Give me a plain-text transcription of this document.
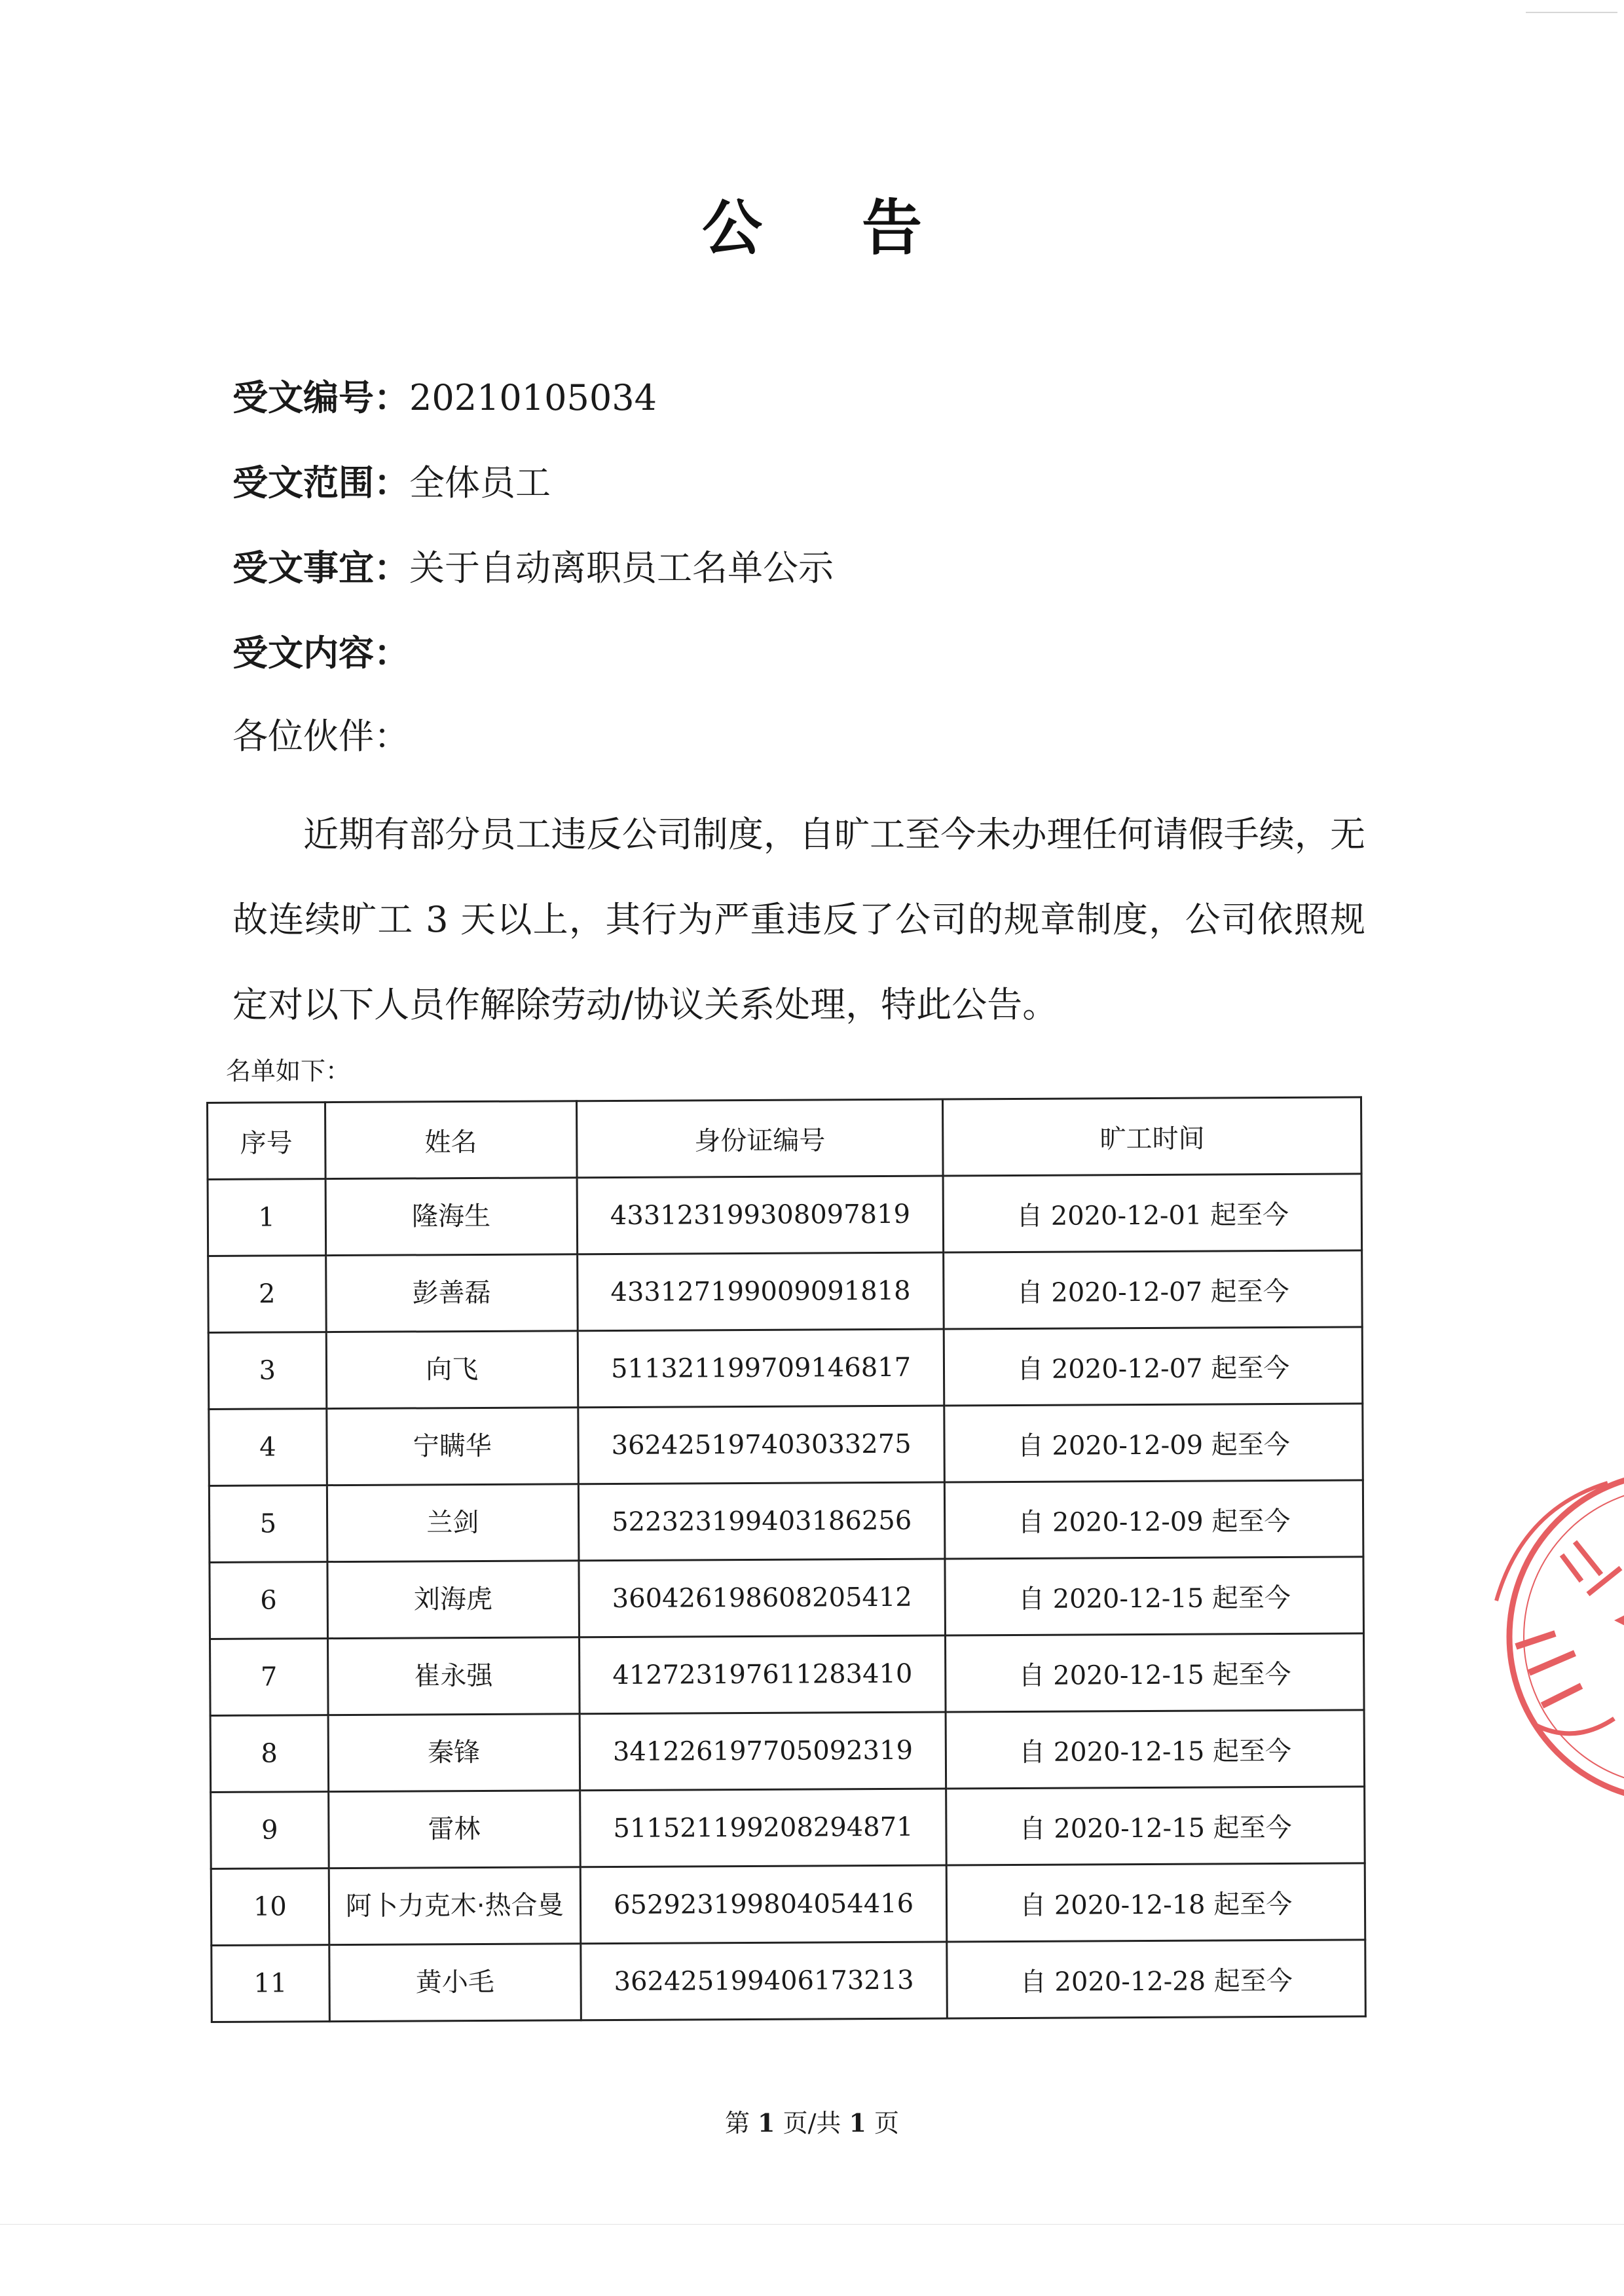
公 告
受文编号：20210105034
受文范围：全体员工
受文事宜：关于自动离职员工名单公示
受文内容：
各位伙伴：
近期有部分员工违反公司制度，自旷工至今未办理任何请假手续，无故连续旷工 3 天以上，其行为严重违反了公司的规章制度，公司依照规定对以下人员作解除劳动/协议关系处理，特此公告。
名单如下：
序号	姓名	身份证编号	旷工时间
1	隆海生	433123199308097819	自 2020-12-01 起至今
2	彭善磊	433127199009091818	自 2020-12-07 起至今
3	向飞	511321199709146817	自 2020-12-07 起至今
4	宁瞒华	362425197403033275	自 2020-12-09 起至今
5	兰剑	522323199403186256	自 2020-12-09 起至今
6	刘海虎	360426198608205412	自 2020-12-15 起至今
7	崔永强	412723197611283410	自 2020-12-15 起至今
8	秦锋	341226197705092319	自 2020-12-15 起至今
9	雷林	511521199208294871	自 2020-12-15 起至今
10	阿卜力克木·热合曼	652923199804054416	自 2020-12-18 起至今
11	黄小毛	362425199406173213	自 2020-12-28 起至今
第 1 页/共 1 页
